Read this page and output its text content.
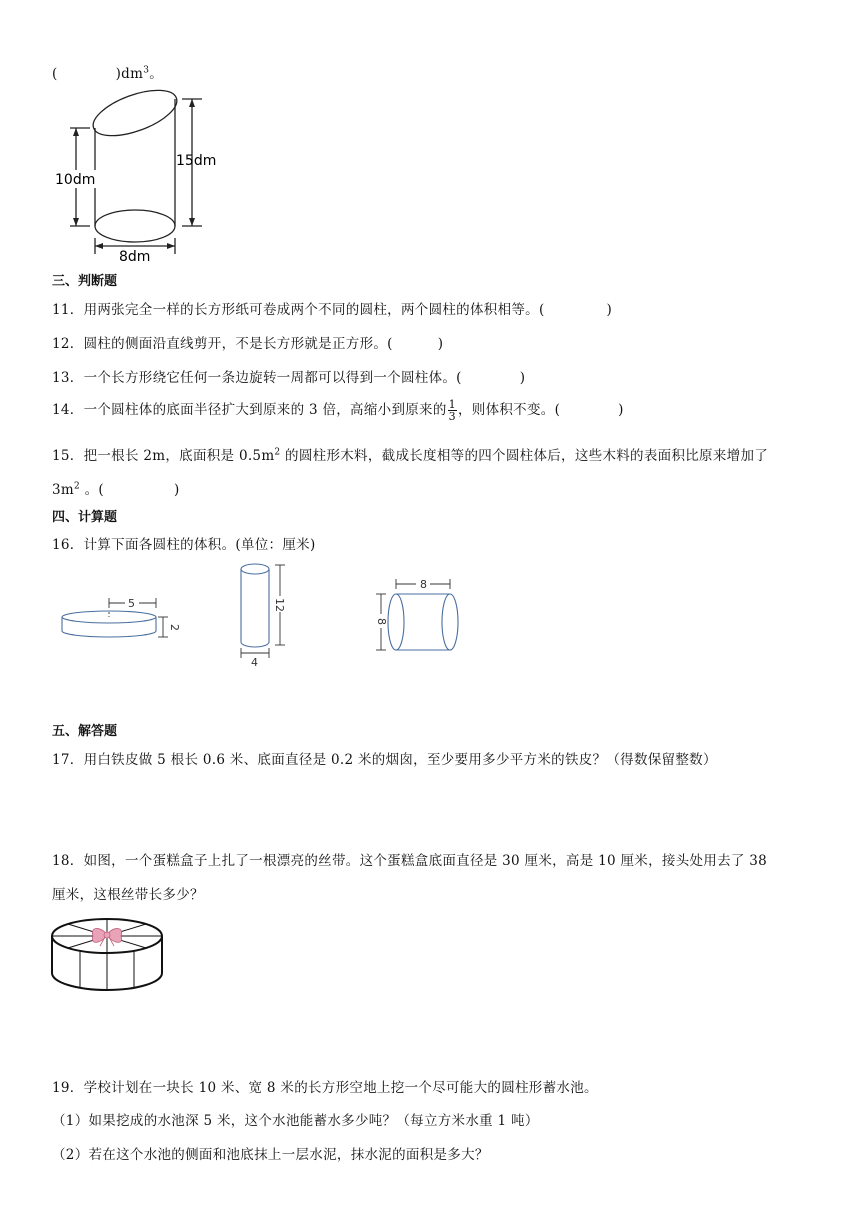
(	)$dm^3$。
10dm
15dm
8dm
三、判断题
11．用两张完全一样的长方形纸可卷成两个不同的圆柱，两个圆柱的体积相等。(	)
12．圆柱的侧面沿直线剪开，不是长方形就是正方形。(	)
13．一个长方形绕它任何一条边旋转一周都可以得到一个圆柱体。(	)
14．一个圆柱体的底面半径扩大到原来的 3 倍，高缩小到原来的 $\frac{1}{3}$ ，则体积不变。(	)
15．把一根长 2m，底面积是 $0.5m^2$ 的圆柱形木料，截成长度相等的四个圆柱体后，这些木料的表面积比原来增加了
$3m^2$ 。(	)
四、计算题
16．计算下面各圆柱的体积。(单位：厘米)
5
2
12
4
8
8
五、解答题
17．用白铁皮做 5 根长 0.6 米、底面直径是 0.2 米的烟囱，至少要用多少平方米的铁皮？（得数保留整数）
18．如图，一个蛋糕盒子上扎了一根漂亮的丝带。这个蛋糕盒底面直径是 30 厘米，高是 10 厘米，接头处用去了 38
厘米，这根丝带长多少？
19．学校计划在一块长 10 米、宽 8 米的长方形空地上挖一个尽可能大的圆柱形蓄水池。
（1）如果挖成的水池深 5 米，这个水池能蓄水多少吨？（每立方米水重 1 吨）
（2）若在这个水池的侧面和池底抹上一层水泥，抹水泥的面积是多大？
